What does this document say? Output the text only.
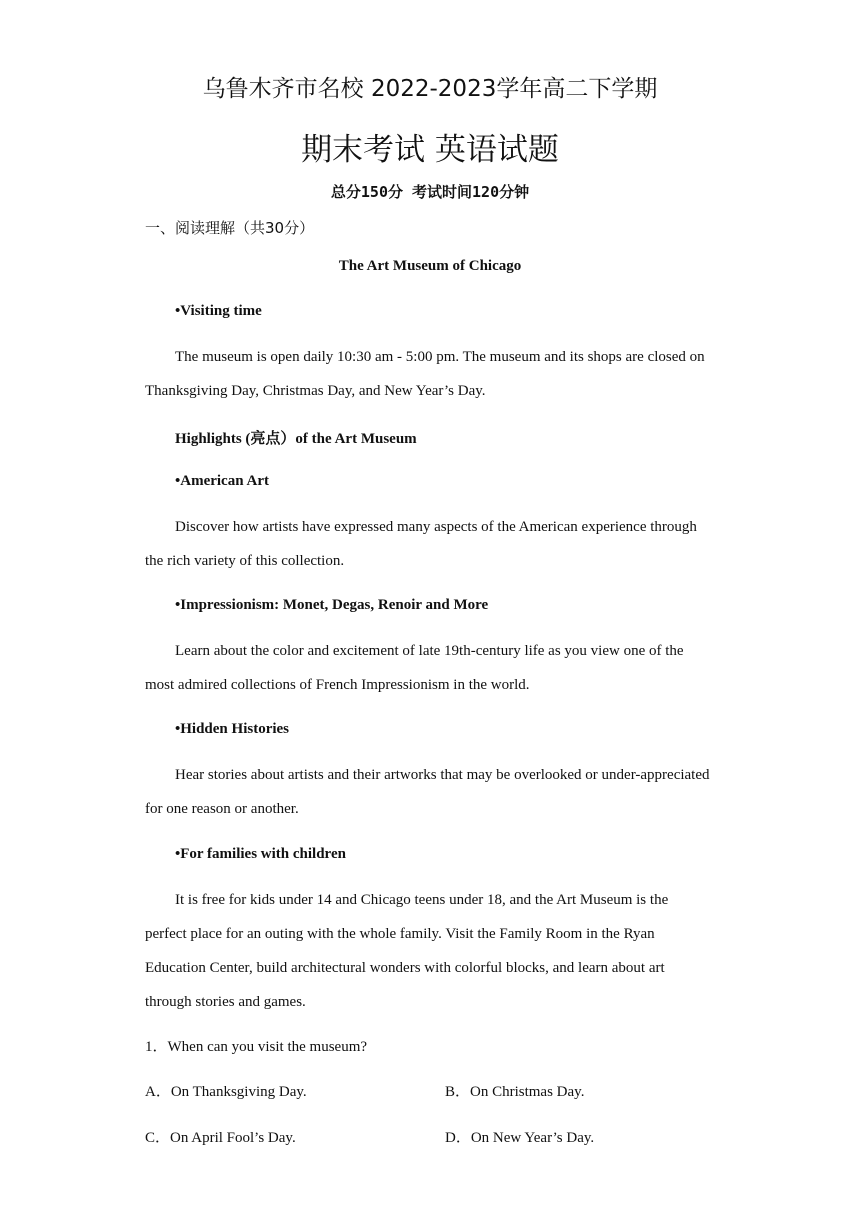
乌鲁木齐市名校 2022-2023学年高二下学期
期末考试 英语试题
总分150分 考试时间120分钟
一、阅读理解（共30分）
The Art Museum of Chicago
•Visiting time
The museum is open daily 10:30 am - 5:00 pm. The museum and its shops are closed on
Thanksgiving Day, Christmas Day, and New Year’s Day.
Highlights (亮点）of the Art Museum
•American Art
Discover how artists have expressed many aspects of the American experience through
the rich variety of this collection.
•Impressionism: Monet, Degas, Renoir and More
Learn about the color and excitement of late 19th-century life as you view one of the
most admired collections of French Impressionism in the world.
•Hidden Histories
Hear stories about artists and their artworks that may be overlooked or under-appreciated
for one reason or another.
•For families with children
It is free for kids under 14 and Chicago teens under 18, and the Art Museum is the
perfect place for an outing with the whole family. Visit the Family Room in the Ryan
Education Center, build architectural wonders with colorful blocks, and learn about art
through stories and games.
1．When can you visit the museum?
A．On Thanksgiving Day.	B．On Christmas Day.
C．On April Fool’s Day.	D．On New Year’s Day.
